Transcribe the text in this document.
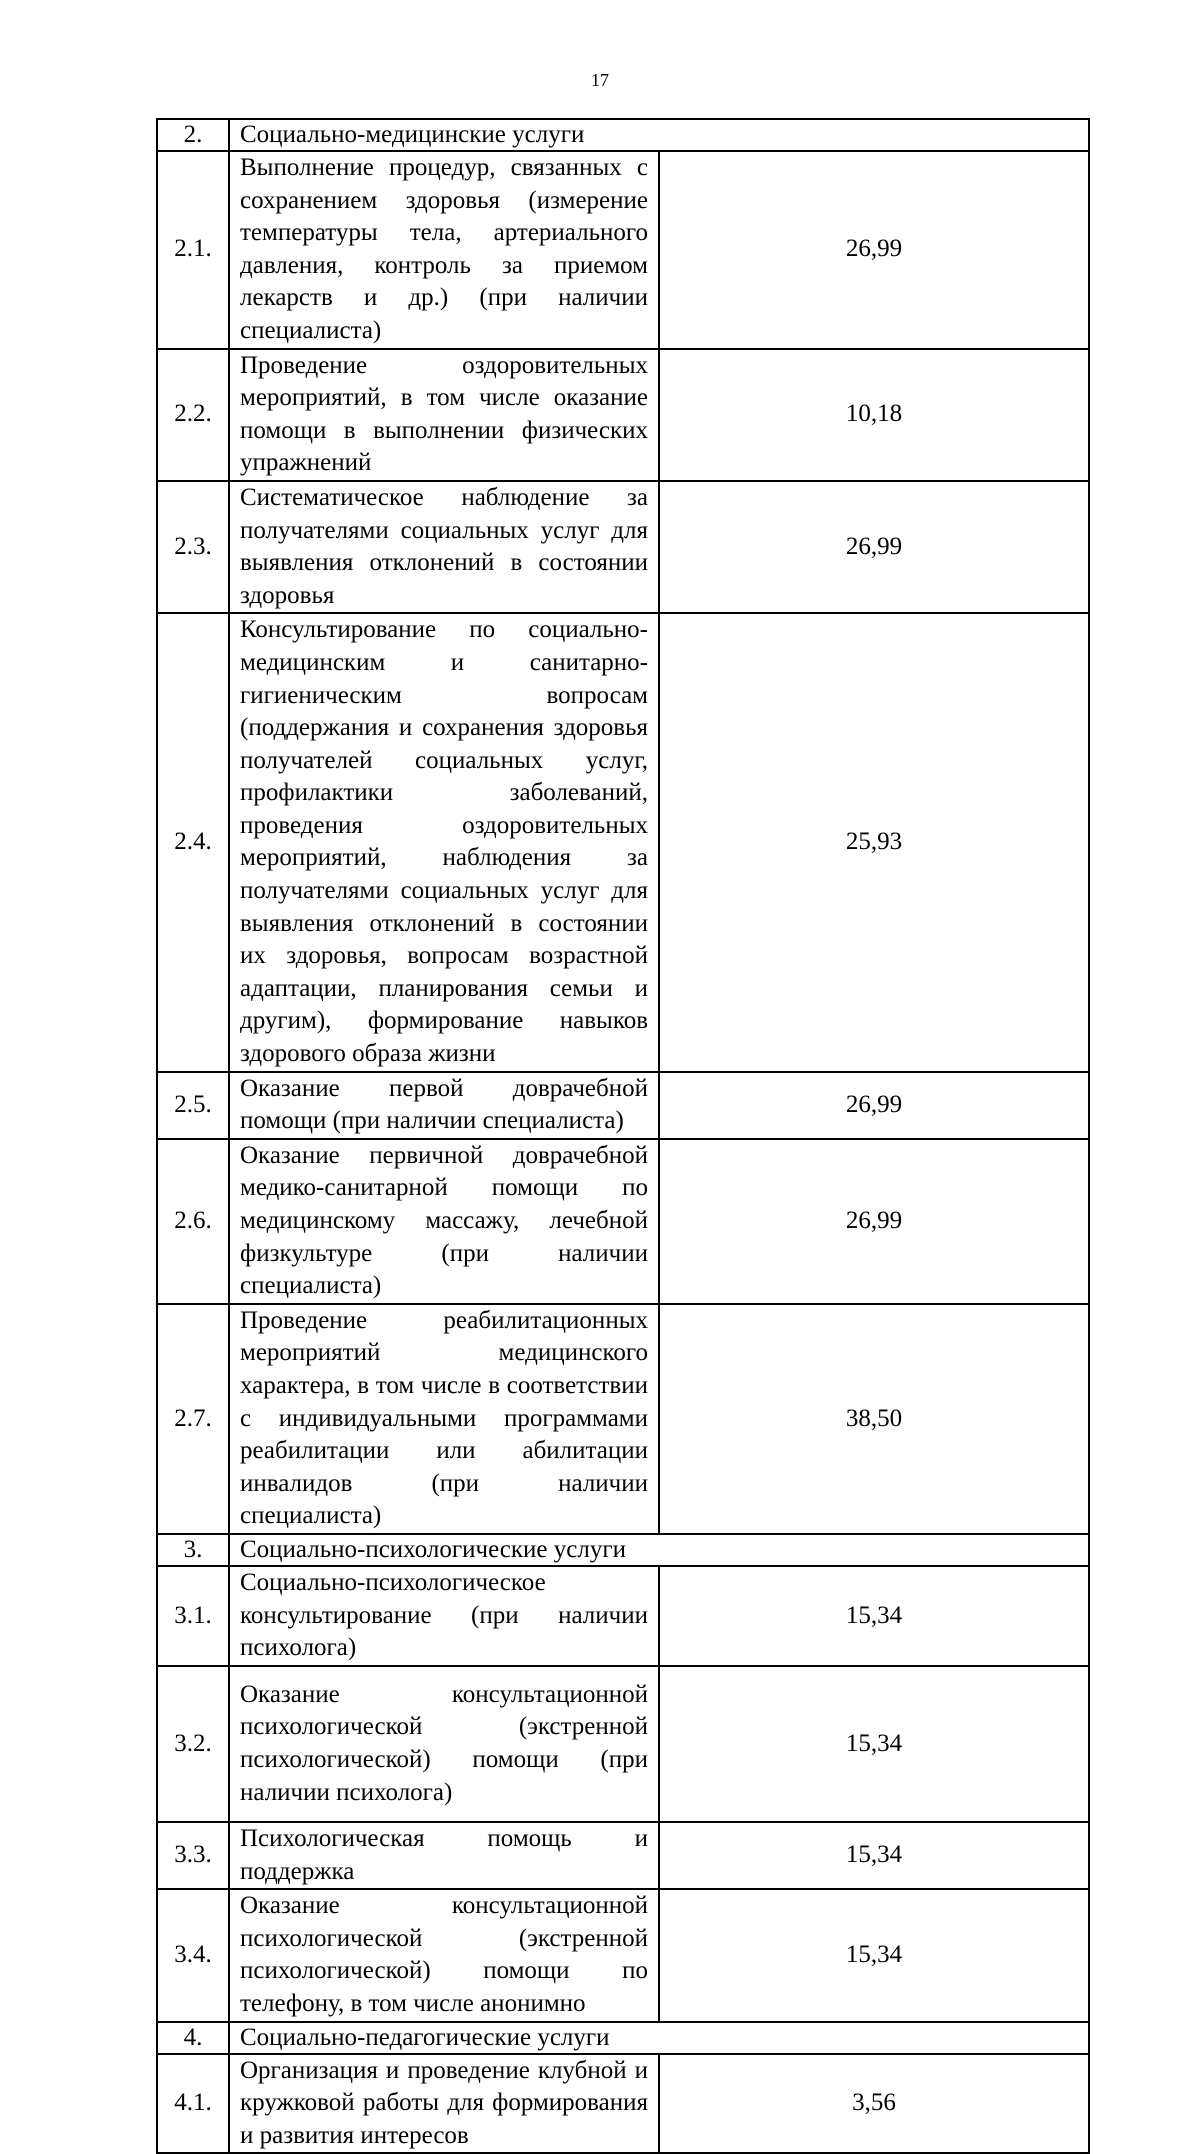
17
2.	Социально-медицинские услуги	
2.1.	Выполнение процедур, связанных с сохранением здоровья (измерение температуры тела, артериального давления, контроль за приемом лекарств и др.) (при наличии специалиста)	26,99
2.2.	Проведение оздоровительных мероприятий, в том числе оказание помощи в выполнении физических упражнений	10,18
2.3.	Систематическое наблюдение за получателями социальных услуг для выявления отклонений в состоянии здоровья	26,99
2.4.	Консультирование по социально-медицинским и санитарно-гигиеническим вопросам (поддержания и сохранения здоровья получателей социальных услуг, профилактики заболеваний, проведения оздоровительных мероприятий, наблюдения за получателями социальных услуг для выявления отклонений в состоянии их здоровья, вопросам возрастной адаптации, планирования семьи и другим), формирование навыков здорового образа жизни	25,93
2.5.	Оказание первой доврачебной помощи (при наличии специалиста)	26,99
2.6.	Оказание первичной доврачебной медико-санитарной помощи по медицинскому массажу, лечебной физкультуре (при наличии специалиста)	26,99
2.7.	Проведение реабилитационных мероприятий медицинского характера, в том числе в соответствии с индивидуальными программами реабилитации или абилитации инвалидов (при наличии специалиста)	38,50
3.	Социально-психологические услуги	
3.1.	Социально-психологическое консультирование (при наличии психолога)	15,34
3.2.	Оказание консультационной психологической (экстренной психологической) помощи (при наличии психолога)	15,34
3.3.	Психологическая помощь и поддержка	15,34
3.4.	Оказание консультационной психологической (экстренной психологической) помощи по телефону, в том числе анонимно	15,34
4.	Социально-педагогические услуги	
4.1.	Организация и проведение клубной и кружковой работы для формирования и развития интересов	3,56
